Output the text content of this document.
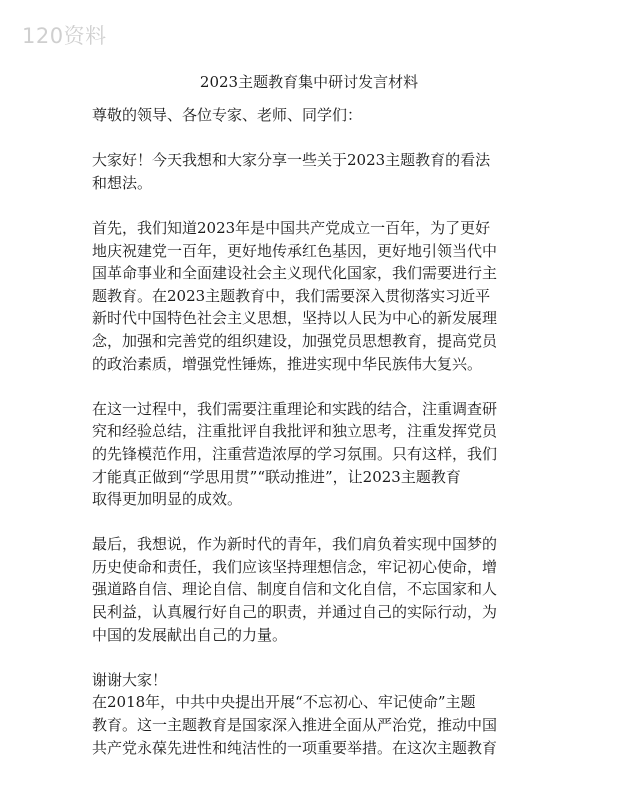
120资料
2023主题教育集中研讨发言材料
尊敬的领导、各位专家、老师、同学们：
大家好！今天我想和大家分享一些关于2023主题教育的看法
和想法。
首先，我们知道2023年是中国共产党成立一百年，为了更好
地庆祝建党一百年，更好地传承红色基因，更好地引领当代中
国革命事业和全面建设社会主义现代化国家，我们需要进行主
题教育。在2023主题教育中，我们需要深入贯彻落实习近平
新时代中国特色社会主义思想，坚持以人民为中心的新发展理
念，加强和完善党的组织建设，加强党员思想教育，提高党员
的政治素质，增强党性锤炼，推进实现中华民族伟大复兴。
在这一过程中，我们需要注重理论和实践的结合，注重调查研
究和经验总结，注重批评自我批评和独立思考，注重发挥党员
的先锋模范作用，注重营造浓厚的学习氛围。只有这样，我们
才能真正做到“学思用贯”“联动推进”，让2023主题教育
取得更加明显的成效。
最后，我想说，作为新时代的青年，我们肩负着实现中国梦的
历史使命和责任，我们应该坚持理想信念，牢记初心使命，增
强道路自信、理论自信、制度自信和文化自信，不忘国家和人
民利益，认真履行好自己的职责，并通过自己的实际行动，为
中国的发展献出自己的力量。
谢谢大家！
在2018年，中共中央提出开展“不忘初心、牢记使命”主题
教育。这一主题教育是国家深入推进全面从严治党，推动中国
共产党永葆先进性和纯洁性的一项重要举措。在这次主题教育
